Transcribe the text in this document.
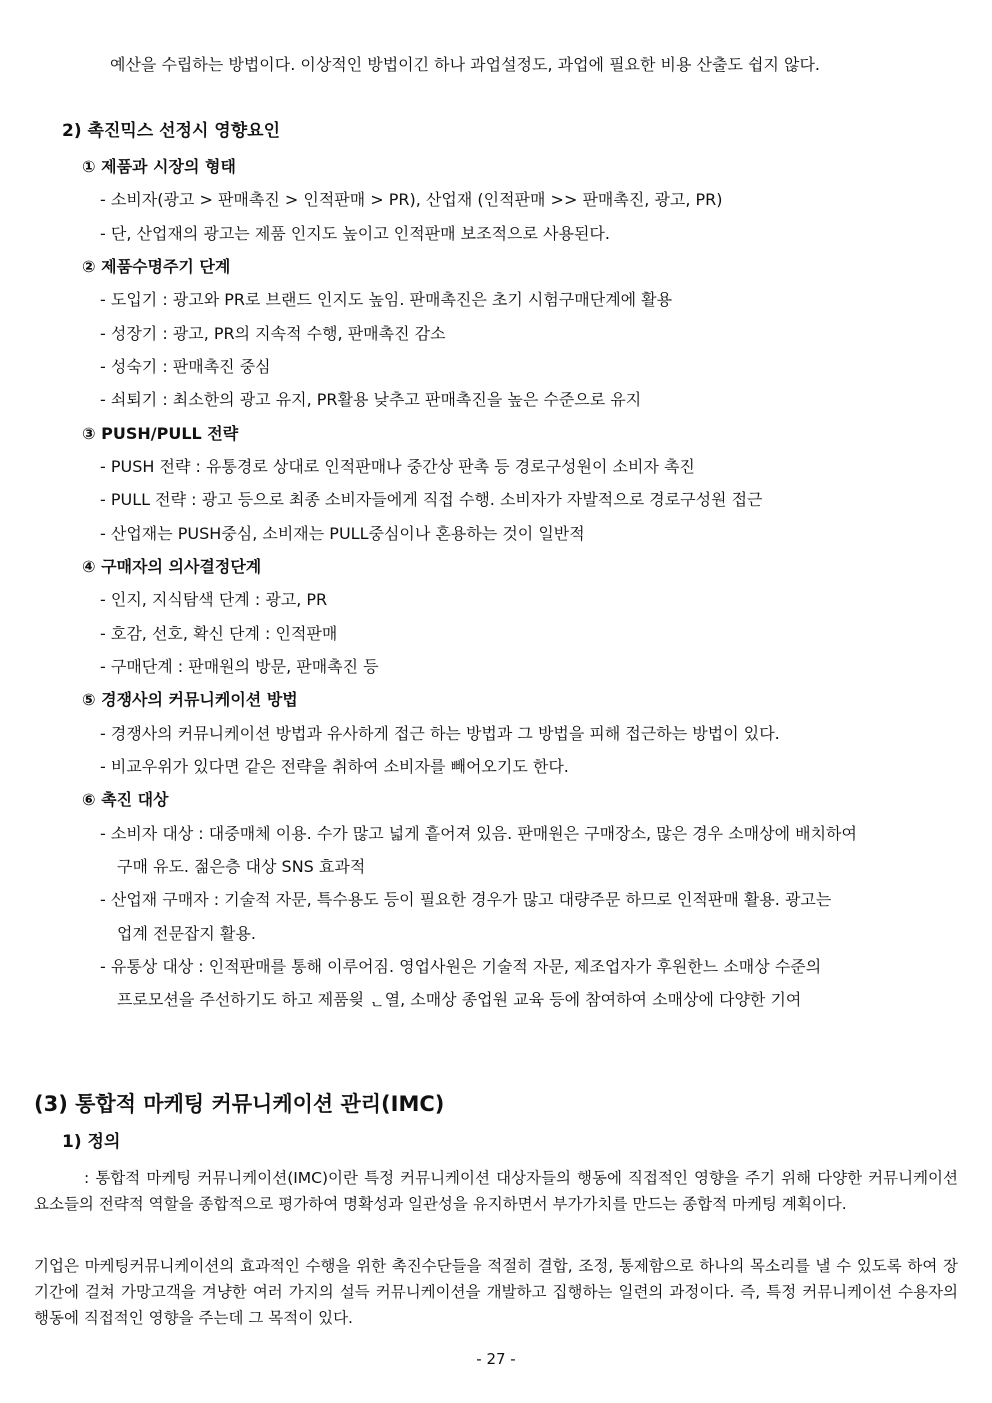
예산을 수립하는 방법이다. 이상적인 방법이긴 하나 과업설정도, 과업에 필요한 비용 산출도 쉽지 않다.
2) 촉진믹스 선정시 영향요인
① 제품과 시장의 형태
- 소비자(광고 > 판매촉진 > 인적판매 > PR), 산업재 (인적판매 >> 판매촉진, 광고, PR)
- 단, 산업재의 광고는 제품 인지도 높이고 인적판매 보조적으로 사용된다.
② 제품수명주기 단계
- 도입기 : 광고와 PR로 브랜드 인지도 높임. 판매촉진은 초기 시험구매단계에 활용
- 성장기 : 광고, PR의 지속적 수행, 판매촉진 감소
- 성숙기 : 판매촉진 중심
- 쇠퇴기 : 최소한의 광고 유지, PR활용 낮추고 판매촉진을 높은 수준으로 유지
③ PUSH/PULL 전략
- PUSH 전략 : 유통경로 상대로 인적판매나 중간상 판촉 등 경로구성원이 소비자 촉진
- PULL 전략 : 광고 등으로 최종 소비자들에게 직접 수행. 소비자가 자발적으로 경로구성원 접근
- 산업재는 PUSH중심, 소비재는 PULL중심이나 혼용하는 것이 일반적
④ 구매자의 의사결정단계
- 인지, 지식탐색 단계 : 광고, PR
- 호감, 선호, 확신 단계 : 인적판매
- 구매단계 : 판매원의 방문, 판매촉진 등
⑤ 경쟁사의 커뮤니케이션 방법
- 경쟁사의 커뮤니케이션 방법과 유사하게 접근 하는 방법과 그 방법을 피해 접근하는 방법이 있다.
- 비교우위가 있다면 같은 전략을 취하여 소비자를 빼어오기도 한다.
⑥ 촉진 대상
- 소비자 대상 : 대중매체 이용. 수가 많고 넓게 흩어져 있음. 판매원은 구매장소, 많은 경우 소매상에 배치하여
구매 유도. 젊은층 대상 SNS 효과적
- 산업재 구매자 : 기술적 자문, 특수용도 등이 필요한 경우가 많고 대량주문 하므로 인적판매 활용. 광고는
업계 전문잡지 활용.
- 유통상 대상 : 인적판매를 통해 이루어짐. 영업사원은 기술적 자문, 제조업자가 후원한느 소매상 수준의
프로모션을 주선하기도 하고 제품읮 ᆫ열, 소매상 종업원 교육 등에 참여하여 소매상에 다양한 기여
(3) 통합적 마케팅 커뮤니케이션 관리(IMC)
1) 정의
　　　: 통합적 마케팅 커뮤니케이션(IMC)이란 특정 커뮤니케이션 대상자들의 행동에 직접적인 영향을 주기 위해 다양한 커뮤니케이션 요소들의 전략적 역할을 종합적으로 평가하여 명확성과 일관성을 유지하면서 부가가치를 만드는 종합적 마케팅 계획이다.
기업은 마케팅커뮤니케이션의 효과적인 수행을 위한 촉진수단들을 적절히 결합, 조정, 통제함으로 하나의 목소리를 낼 수 있도록 하여 장기간에 걸쳐 가망고객을 겨냥한 여러 가지의 설득 커뮤니케이션을 개발하고 집행하는 일련의 과정이다. 즉, 특정 커뮤니케이션 수용자의 행동에 직접적인 영향을 주는데 그 목적이 있다.
- 27 -
